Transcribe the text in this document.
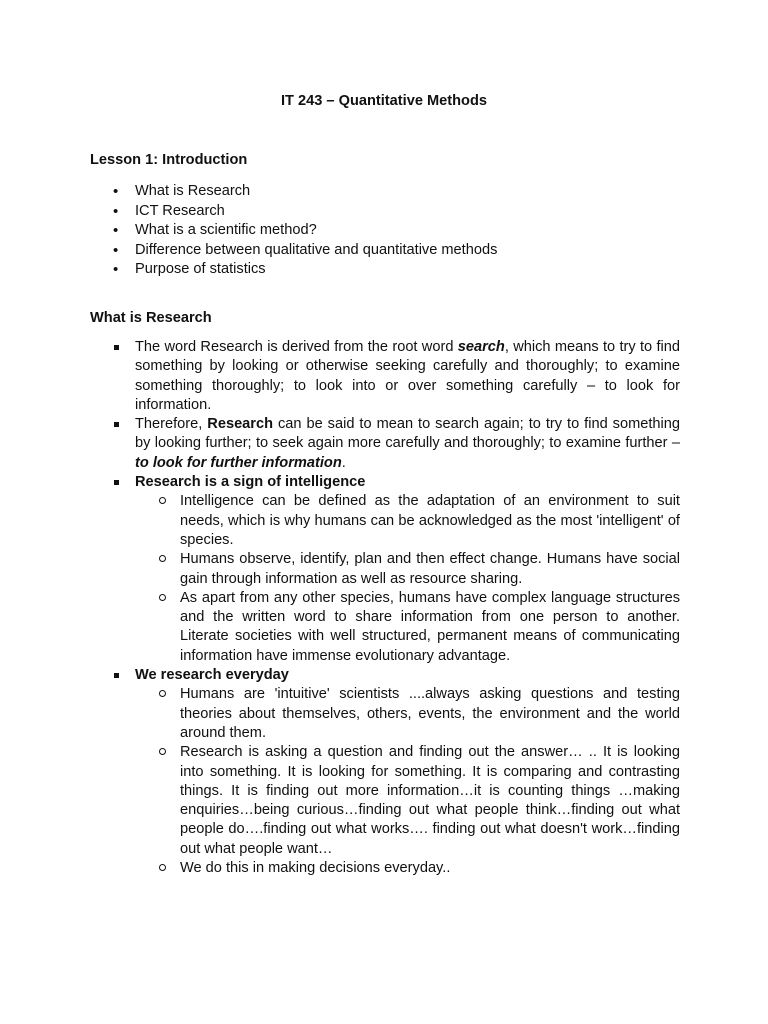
IT 243 – Quantitative Methods
Lesson 1: Introduction
• What is Research
• ICT Research
• What is a scientific method?
• Difference between qualitative and quantitative methods
• Purpose of statistics
What is Research
The word Research is derived from the root word search, which means to try to find something by looking or otherwise seeking carefully and thoroughly; to examine something thoroughly; to look into or over something carefully – to look for information.
Therefore, Research can be said to mean to search again; to try to find something by looking further; to seek again more carefully and thoroughly; to examine further – to look for further information.
Research is a sign of intelligence
Intelligence can be defined as the adaptation of an environment to suit needs, which is why humans can be acknowledged as the most 'intelligent' of species.
Humans observe, identify, plan and then effect change. Humans have social gain through information as well as resource sharing.
As apart from any other species, humans have complex language structures and the written word to share information from one person to another. Literate societies with well structured, permanent means of communicating information have immense evolutionary advantage.
We research everyday
Humans are 'intuitive' scientists ....always asking questions and testing theories about themselves, others, events, the environment and the world around them.
Research is asking a question and finding out the answer… .. It is looking into something. It is looking for something. It is comparing and contrasting things. It is finding out more information…it is counting things …making enquiries…being curious…finding out what people think…finding out what people do….finding out what works…. finding out what doesn't work…finding out what people want…
We do this in making decisions everyday..
